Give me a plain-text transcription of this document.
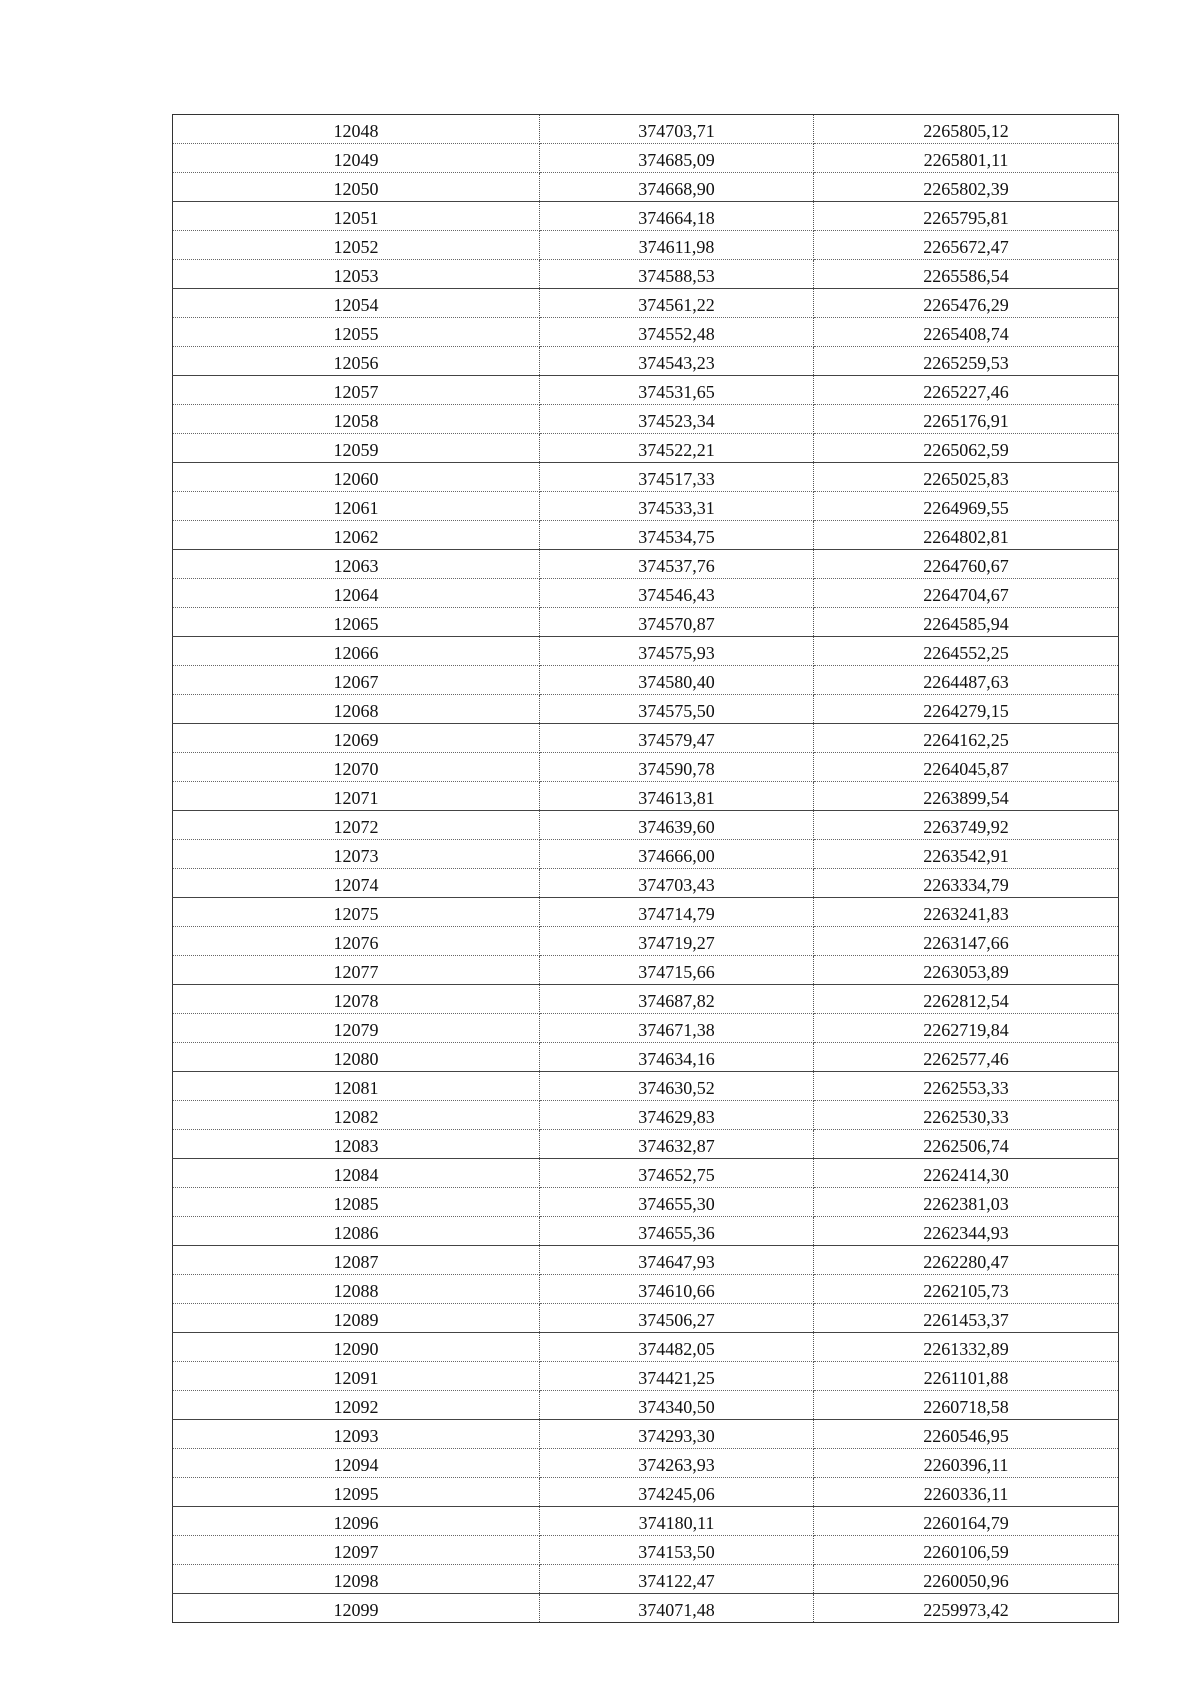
12048	374703,71	2265805,12
12049	374685,09	2265801,11
12050	374668,90	2265802,39
12051	374664,18	2265795,81
12052	374611,98	2265672,47
12053	374588,53	2265586,54
12054	374561,22	2265476,29
12055	374552,48	2265408,74
12056	374543,23	2265259,53
12057	374531,65	2265227,46
12058	374523,34	2265176,91
12059	374522,21	2265062,59
12060	374517,33	2265025,83
12061	374533,31	2264969,55
12062	374534,75	2264802,81
12063	374537,76	2264760,67
12064	374546,43	2264704,67
12065	374570,87	2264585,94
12066	374575,93	2264552,25
12067	374580,40	2264487,63
12068	374575,50	2264279,15
12069	374579,47	2264162,25
12070	374590,78	2264045,87
12071	374613,81	2263899,54
12072	374639,60	2263749,92
12073	374666,00	2263542,91
12074	374703,43	2263334,79
12075	374714,79	2263241,83
12076	374719,27	2263147,66
12077	374715,66	2263053,89
12078	374687,82	2262812,54
12079	374671,38	2262719,84
12080	374634,16	2262577,46
12081	374630,52	2262553,33
12082	374629,83	2262530,33
12083	374632,87	2262506,74
12084	374652,75	2262414,30
12085	374655,30	2262381,03
12086	374655,36	2262344,93
12087	374647,93	2262280,47
12088	374610,66	2262105,73
12089	374506,27	2261453,37
12090	374482,05	2261332,89
12091	374421,25	2261101,88
12092	374340,50	2260718,58
12093	374293,30	2260546,95
12094	374263,93	2260396,11
12095	374245,06	2260336,11
12096	374180,11	2260164,79
12097	374153,50	2260106,59
12098	374122,47	2260050,96
12099	374071,48	2259973,42
